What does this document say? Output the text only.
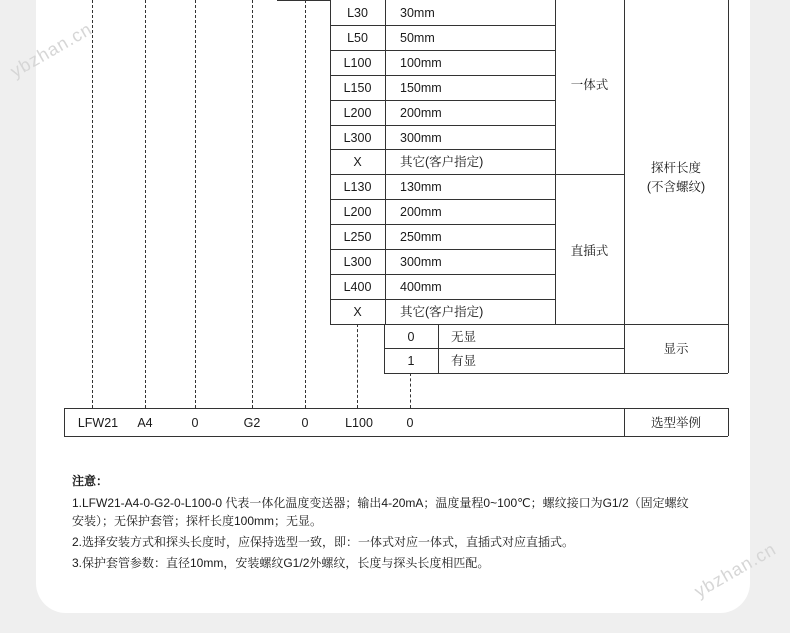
ybzhan.cn
ybzhan.cn
注意：
1.LFW21-A4-0-G2-0-L100-0 代表一体化温度变送器；输出4-20mA；温度量程0~100℃；螺纹接口为G1/2（固定螺纹
安装）；无保护套管；探杆长度100mm；无显。
2.选择安装方式和探头长度时，应保持选型一致，即：一体式对应一体式，直插式对应直插式。
3.保护套管参数：直径10mm，安装螺纹G1/2外螺纹，长度与探头长度相匹配。
L30	30mm
L50	50mm
L100	100mm
L150	150mm
L200	200mm
L300	300mm
X	其它(客户指定)
L130	130mm
L200	200mm
L250	250mm
L300	300mm
L400	400mm
X	其它(客户指定)
一体式
直插式
探杆长度
(不含螺纹)
0	无显
1	有显
显示
LFW21	A4	0	G2	0	L100	0	选型举例
